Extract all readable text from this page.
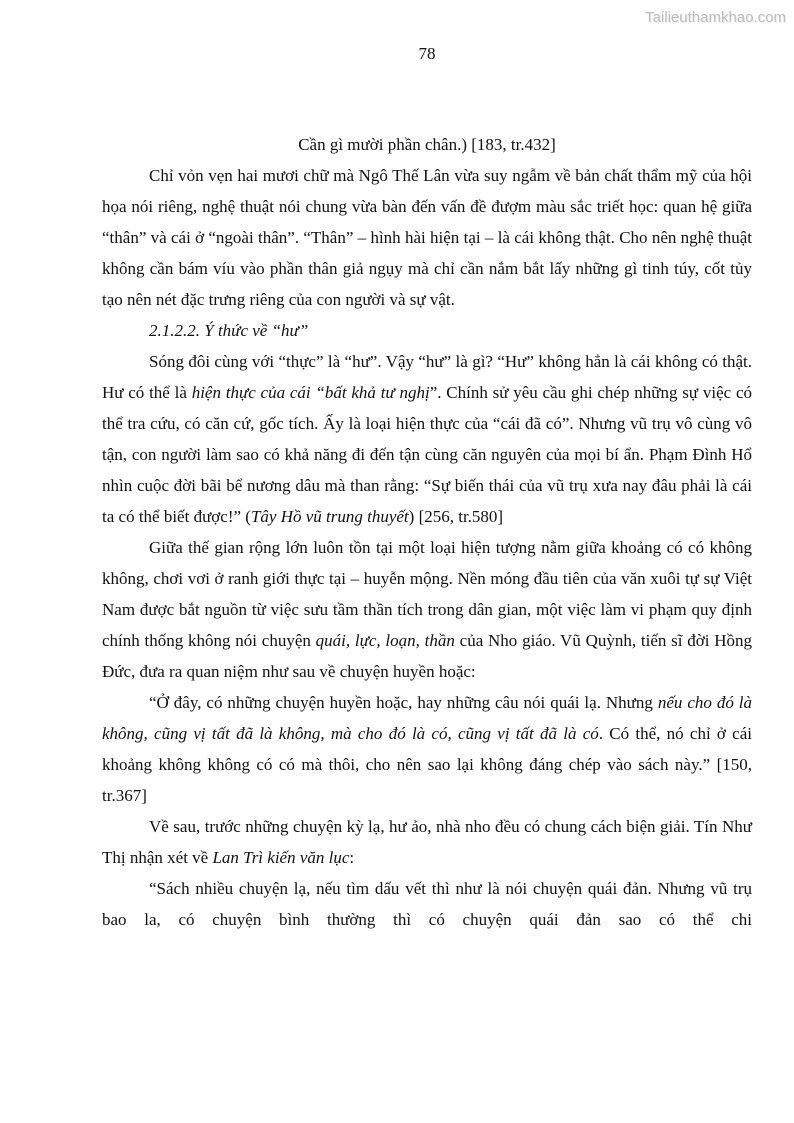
Tailieuthamkhao.com
78

Cần gì mười phần chân.) [183, tr.432]

Chỉ vỏn vẹn hai mươi chữ mà Ngô Thế Lân vừa suy ngẫm về bản chất thẩm mỹ của hội họa nói riêng, nghệ thuật nói chung vừa bàn đến vấn đề đượm màu sắc triết học: quan hệ giữa “thân” và cái ở “ngoài thân”. “Thân” – hình hài hiện tại – là cái không thật. Cho nên nghệ thuật không cần bám víu vào phần thân giả ngụy mà chỉ cần nắm bắt lấy những gì tinh túy, cốt tủy tạo nên nét đặc trưng riêng của con người và sự vật.

2.1.2.2. Ý thức về “hư”

Sóng đôi cùng với “thực” là “hư”. Vậy “hư” là gì? “Hư” không hẳn là cái không có thật. Hư có thể là hiện thực của cái “bất khả tư nghị”. Chính sử yêu cầu ghi chép những sự việc có thể tra cứu, có căn cứ, gốc tích. Ấy là loại hiện thực của “cái đã có”. Nhưng vũ trụ vô cùng vô tận, con người làm sao có khả năng đi đến tận cùng căn nguyên của mọi bí ẩn. Phạm Đình Hổ nhìn cuộc đời bãi bể nương dâu mà than rằng: “Sự biến thái của vũ trụ xưa nay đâu phải là cái ta có thể biết được!” (Tây Hồ vũ trung thuyết) [256, tr.580]

Giữa thế gian rộng lớn luôn tồn tại một loại hiện tượng nằm giữa khoảng có có không không, chơi vơi ở ranh giới thực tại – huyễn mộng. Nền móng đầu tiên của văn xuôi tự sự Việt Nam được bắt nguồn từ việc sưu tầm thần tích trong dân gian, một việc làm vi phạm quy định chính thống không nói chuyện quái, lực, loạn, thần của Nho giáo. Vũ Quỳnh, tiến sĩ đời Hồng Đức, đưa ra quan niệm như sau về chuyện huyền hoặc:

“Ở đây, có những chuyện huyền hoặc, hay những câu nói quái lạ. Nhưng nếu cho đó là không, cũng vị tất đã là không, mà cho đó là có, cũng vị tất đã là có. Có thể, nó chỉ ở cái khoảng không không có có mà thôi, cho nên sao lại không đáng chép vào sách này.” [150, tr.367]

Về sau, trước những chuyện kỳ lạ, hư ảo, nhà nho đều có chung cách biện giải. Tín Như Thị nhận xét về Lan Trì kiến văn lục:

“Sách nhiều chuyện lạ, nếu tìm dấu vết thì như là nói chuyện quái đản. Nhưng vũ trụ bao la, có chuyện bình thường thì có chuyện quái đản sao có thể chi
